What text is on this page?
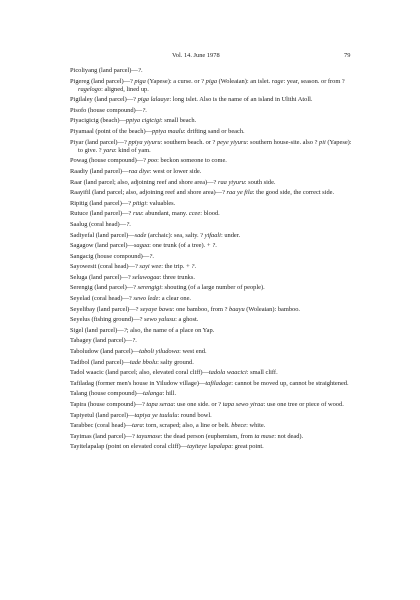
Vol. 14. June 1978	79

Picoliyang (land parcel)—?.

Pigereg (land parcel)—? piga (Yapese): a curse. or ? piga (Woleaian): an islet. rage: year, season. or from ? ragelogo: aligned, lined up.

Pigilaley (land parcel)—? piga lalaaye: long islet. Also is the name of an island in Ulithi Atoll.

Pisofo (house compound)—?.

Piyacigicig (beach)—ppiya cigicigi: small beach.

Piyamaal (point of the beach)—ppiya maalu: drifting sand or beach.

Piyar (land parcel)—? ppiya yiyuru: southern beach. or ? peye yiyuru: southern house-site. also ? pii (Yapese): to give. ? yara: kind of yam.

Powag (house compound)—? poo: beckon someone to come.

Raadiy (land parcel)—raa diye: west or lower side.

Raar (land parcel; also, adjoining reef and shore area)—? raa yiyuru: south side.

Raayifil (land parcel; also, adjoining reef and shore area)—? raa ye fila: the good side, the correct side.

Ripitig (land parcel)—? pitigi: valuables.

Rutuce (land parcel)—? ruu: abundant, many. ccee: blood.

Saalug (coral head)—?.

Sadiyefal (land parcel)—sade (archaic): sea, salty. ? yifaali: under.

Sagagow (land parcel)—sagaa: one trunk (of a tree). + ?.

Sangacig (house compound)—?.

Sayowesit (coral head)—? sayi wee: the trip. + ?.

Seluga (land parcel)—? seluwogaa: three trunks.

Serengig (land parcel)—? serengigi: shouting (of a large number of people).

Seyelad (coral head)—? sewo lede: a clear one.

Seyelibay (land parcel)—? seyaye bawu: one bamboo, from ? baayu (Woleaian): bamboo.

Seyelus (fishing ground)—? sewo yalusu: a ghost.

Sigel (land parcel)—?; also, the name of a place on Yap.

Tabagey (land parcel)—?.

Taboludow (land parcel)—taboli yiludowa: west end.

Tadibol (land parcel)—tade bbolu: salty ground.

Tadol waacic (land parcel; also, elevated coral cliff)—tadola waacici: small cliff.

Tafiladag (former men's house in Yiludow village)—tafiladage: cannot be moved up, cannot be straightened.

Talang (house compound)—talanga: hill.

Tapira (house compound)—? tapa seraa: use one side. or ? tapa sewo yiraa: use one tree or piece of wood.

Tapiyetul (land parcel)—tapiya ye tuululu: round bowl.

Tarabbec (coral head)—tara: torn, scraped; also, a line or belt. bbece: white.

Tayimas (land parcel)—? tayumase: the dead person (euphemism, from ta mase: not dead).

Tayitelapalap (point on elevated coral cliff)—tayiteye lapalapa: great point.
